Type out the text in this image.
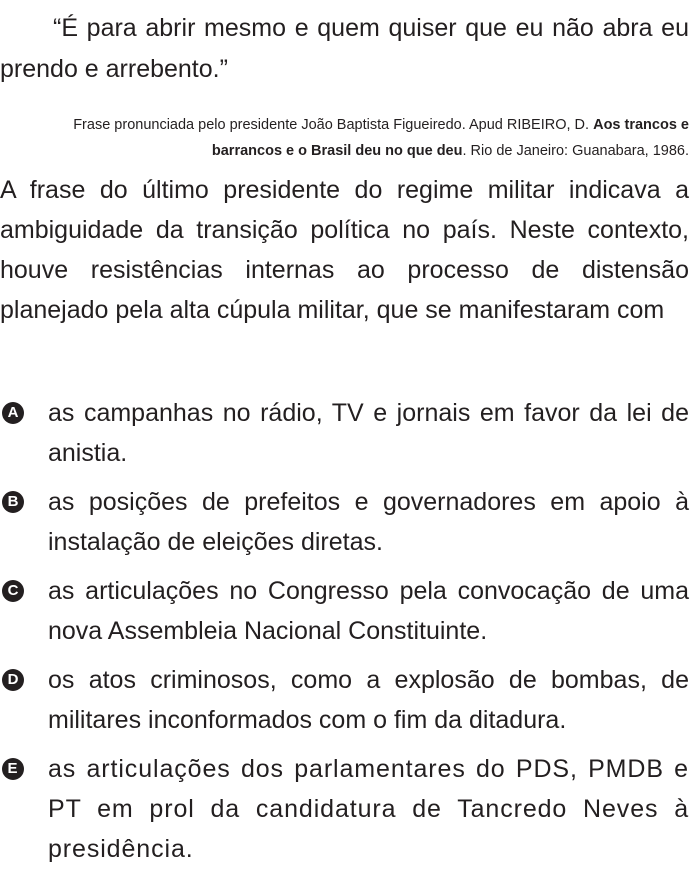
“É para abrir mesmo e quem quiser que eu não abra eu prendo e arrebento.”

Frase pronunciada pelo presidente João Baptista Figueiredo. Apud RIBEIRO, D. Aos trancos e barrancos e o Brasil deu no que deu. Rio de Janeiro: Guanabara, 1986.

A frase do último presidente do regime militar indicava a ambiguidade da transição política no país. Neste contexto, houve resistências internas ao processo de distensão planejado pela alta cúpula militar, que se manifestaram com

A as campanhas no rádio, TV e jornais em favor da lei de anistia.
B as posições de prefeitos e governadores em apoio à instalação de eleições diretas.
C as articulações no Congresso pela convocação de uma nova Assembleia Nacional Constituinte.
D os atos criminosos, como a explosão de bombas, de militares inconformados com o fim da ditadura.
E as articulações dos parlamentares do PDS, PMDB e PT em prol da candidatura de Tancredo Neves à presidência.
